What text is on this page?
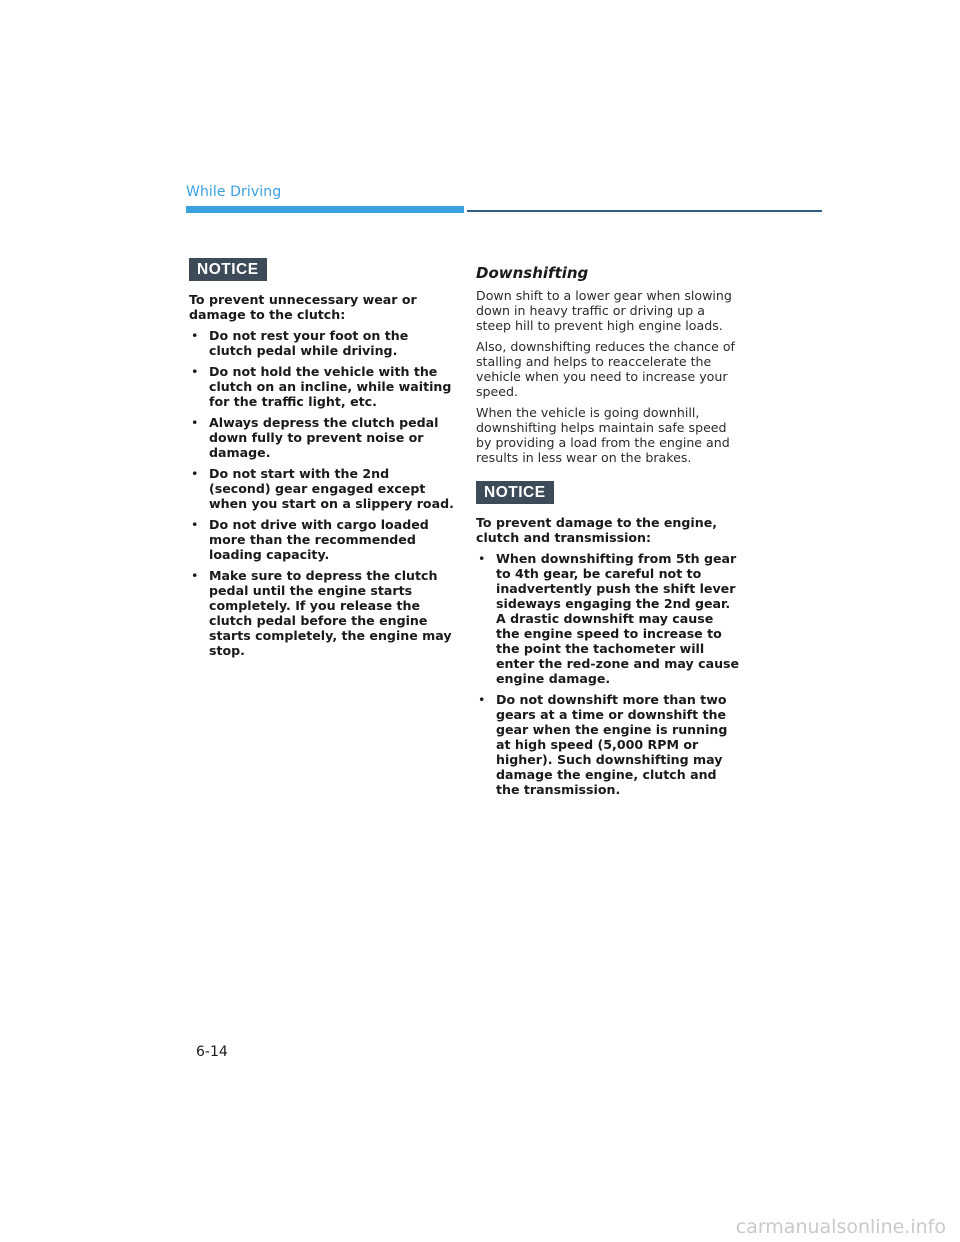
While Driving
NOTICE
To prevent unnecessary wear or damage to the clutch:
• Do not rest your foot on the clutch pedal while driving.
• Do not hold the vehicle with the clutch on an incline, while waiting for the traffic light, etc.
• Always depress the clutch pedal down fully to prevent noise or damage.
• Do not start with the 2nd (second) gear engaged except when you start on a slippery road.
• Do not drive with cargo loaded more than the recommended loading capacity.
• Make sure to depress the clutch pedal until the engine starts completely. If you release the clutch pedal before the engine starts completely, the engine may stop.
Downshifting

Down shift to a lower gear when slowing down in heavy traffic or driving up a steep hill to prevent high engine loads.

Also, downshifting reduces the chance of stalling and helps to reaccelerate the vehicle when you need to increase your speed.

When the vehicle is going downhill, downshifting helps maintain safe speed by providing a load from the engine and results in less wear on the brakes.

NOTICE
To prevent damage to the engine, clutch and transmission:
• When downshifting from 5th gear to 4th gear, be careful not to inadvertently push the shift lever sideways engaging the 2nd gear. A drastic downshift may cause the engine speed to increase to the point the tachometer will enter the red-zone and may cause engine damage.
• Do not downshift more than two gears at a time or downshift the gear when the engine is running at high speed (5,000 RPM or higher). Such downshifting may damage the engine, clutch and the transmission.
6-14
carmanualsonline.info
